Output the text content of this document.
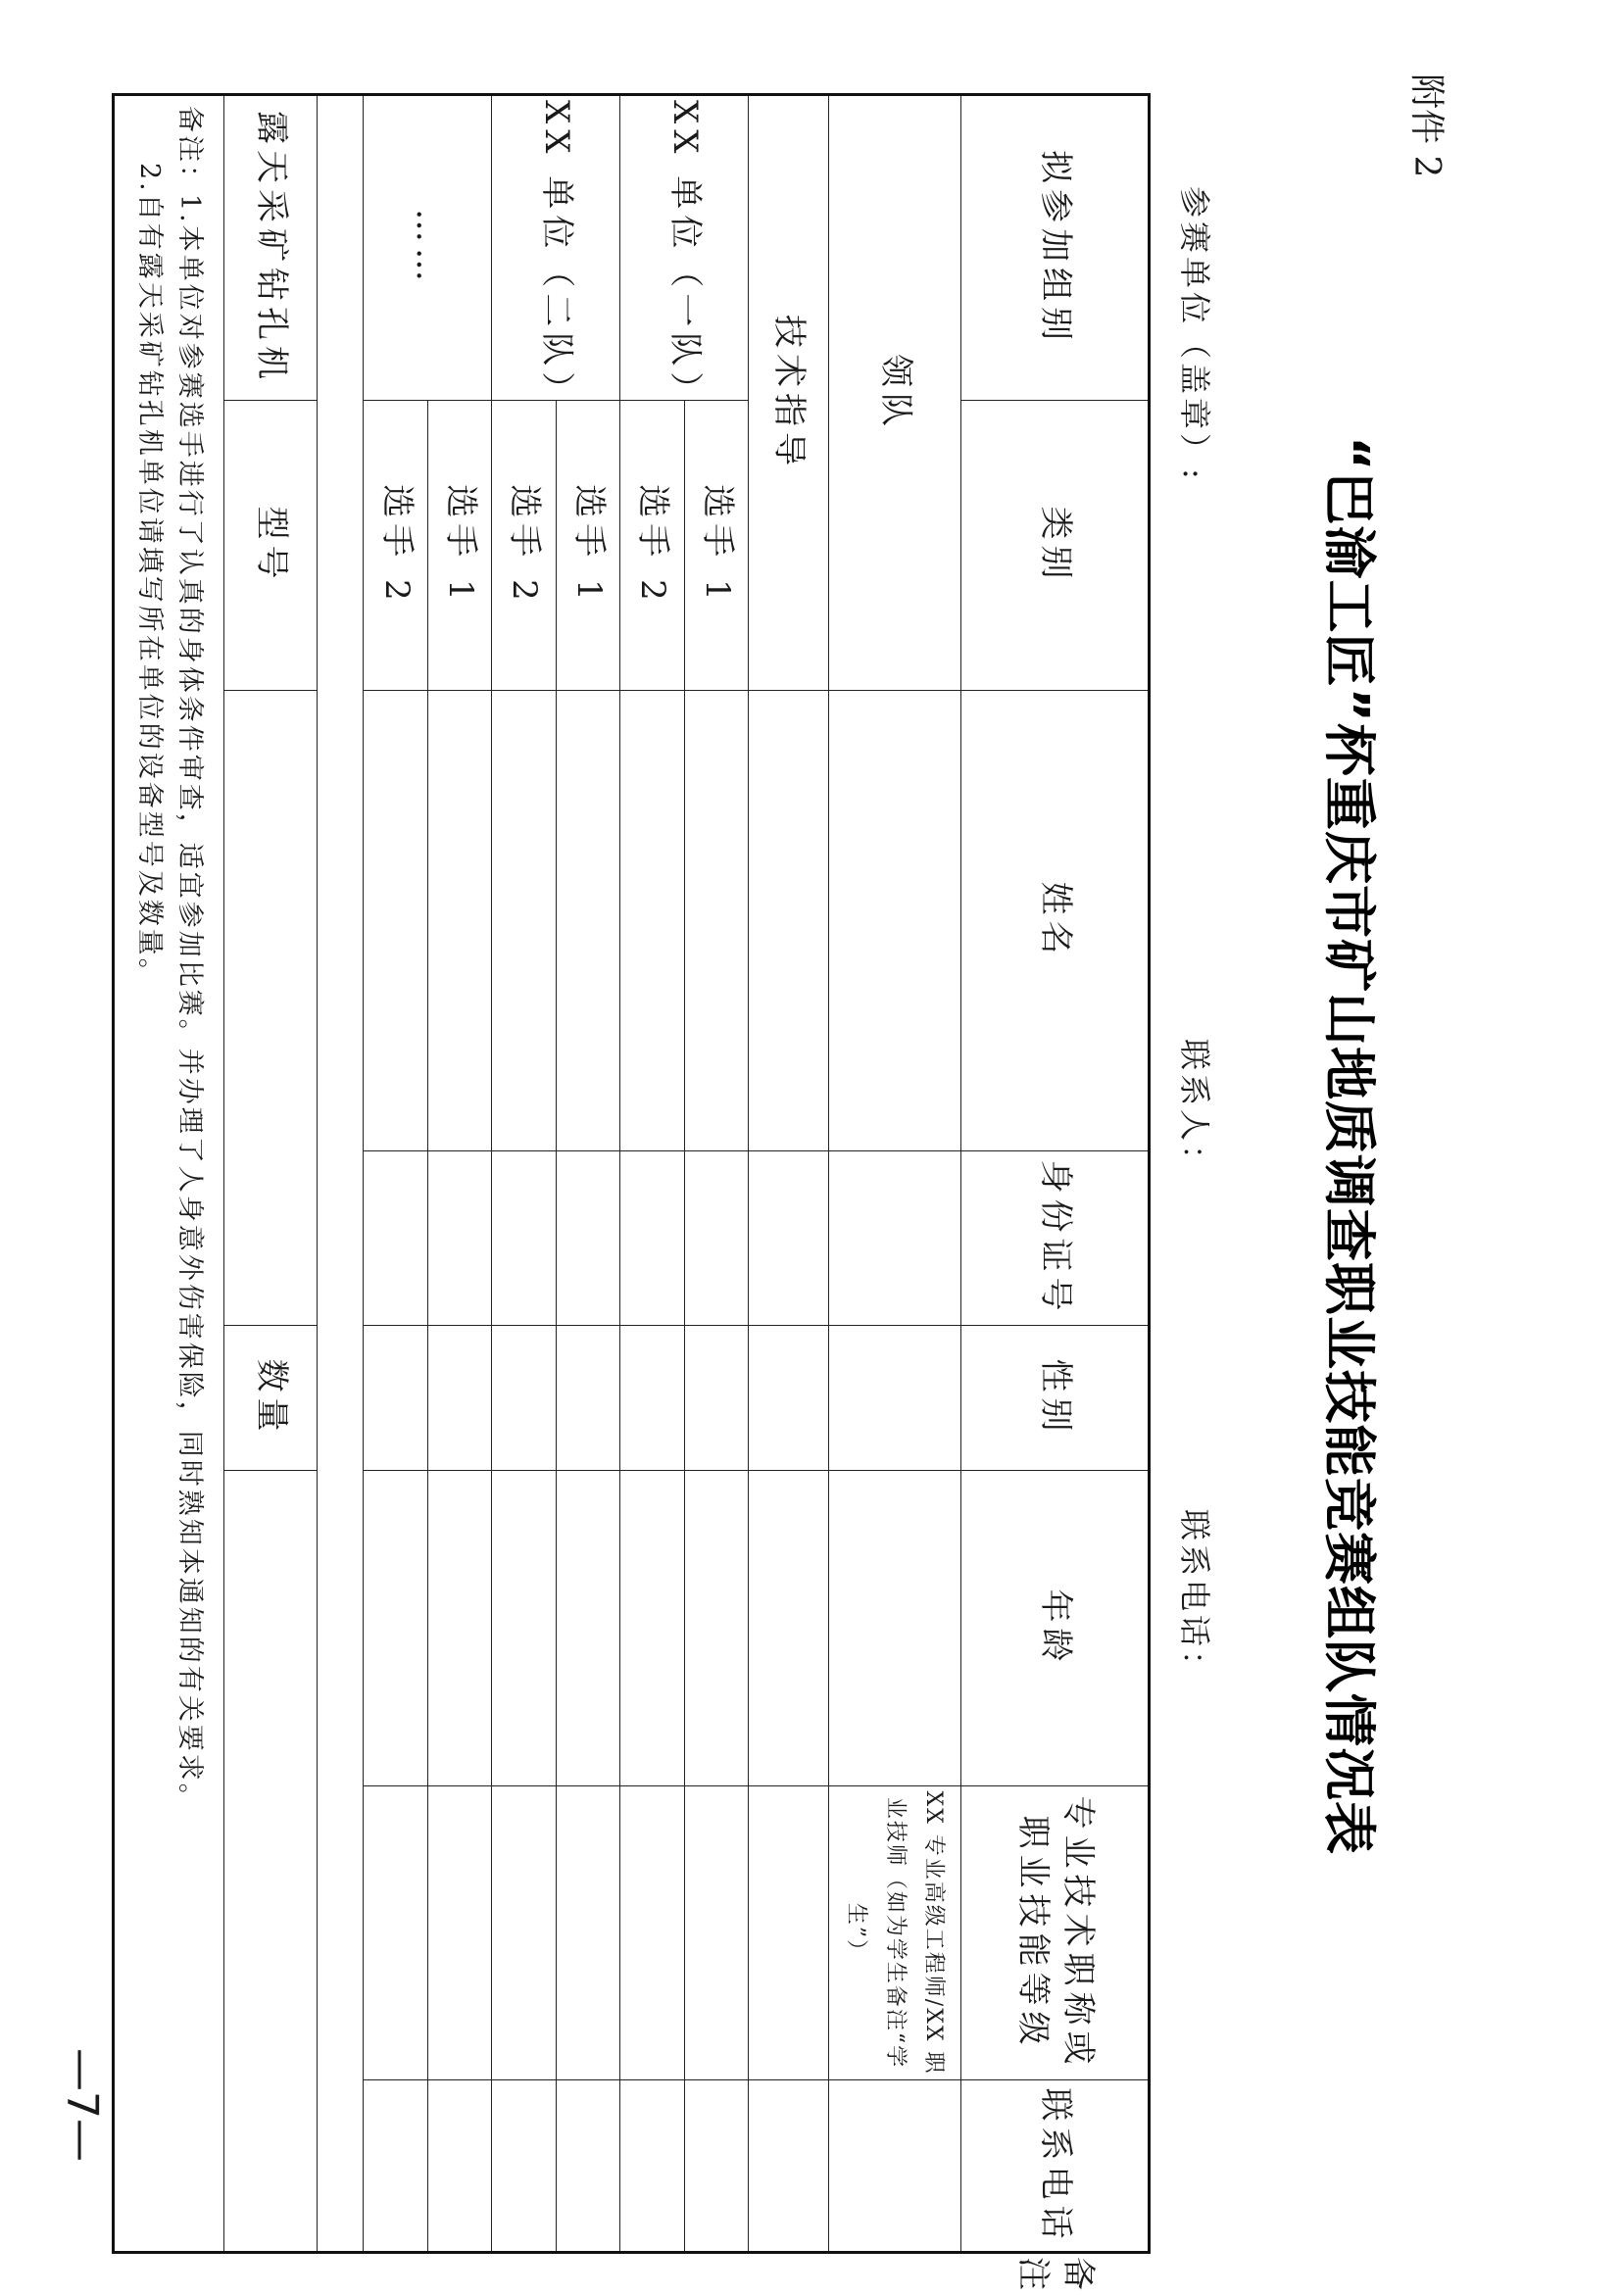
附件 2
“巴渝工匠”杯重庆市矿山地质调查职业技能竞赛组队情况表
参赛单位（盖章）:
联系人：
联系电话：
拟参加组别	类别	姓名	身份证号	性别	年龄	专业技术职称或职业技能等级	联系电话	备注
领队						XX 专业高级工程师/XX 职业技师（如为学生备注“学生”）		
技术指导								
XX 单位（一队）	选手 1							
	选手 2							
XX 单位（二队）	选手 1							
	选手 2							
……	选手 1							
	选手 2							

露天采矿钻孔机	型号			数量				

备注：1.本单位对参赛选手进行了认真的身体条件审查，适宜参加比赛。并办理了人身意外伤害保险，同时熟知本通知的有关要求。
2.自有露天采矿钻孔机单位请填写所在单位的设备型号及数量。								
—7—
